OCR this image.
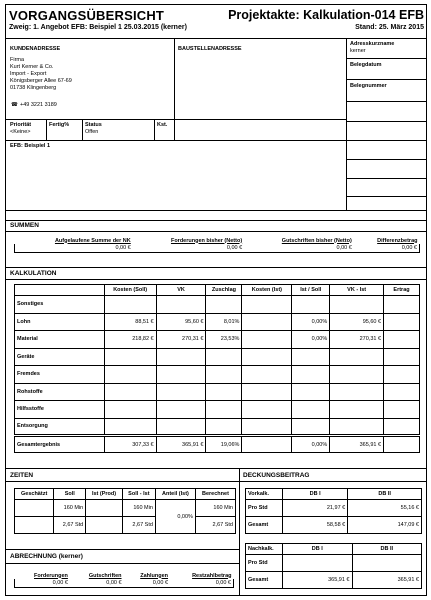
VORGANGSÜBERSICHT	Projektakte: Kalkulation-014 EFB
Zweig: 1. Angebot EFB: Beispiel 1 25.03.2015 (kerner)	Stand: 25. März 2015
KUNDENADRESSE
Firma
Kurt Kerner & Co.
Import - Export
Königsberger Allee 67-69
01738 Klingenberg
☎ +49 3221 3189
BAUSTELLENADRESSE
Adresskurzname
kerner
Belegdatum
Belegnummer
Priorität
<Keine>
Fertig%	Status
Offen
Kst.
EFB: Beispiel 1
SUMMEN
Aufgelaufene Summe der NK	Forderungen bisher (Netto)	Gutschriften bisher (Netto)	Differenzbetrag
0,00 €	0,00 €	0,00 €	0,00 €
KALKULATION
	Kosten (Soll)	VK	Zuschlag	Kosten (Ist)	Ist / Soll	VK - Ist	Ertrag
Sonstiges							
Lohn	88,51 €	95,60 €	8,01%		0,00%	95,60 €	
Material	218,82 €	270,31 €	23,53%		0,00%	270,31 €	
Geräte							
Fremdes							
Rohstoffe							
Hilfsstoffe							
Entsorgung							
Gesamtergebnis	307,33 €	365,91 €	19,06%		0,00%	365,91 €	
ZEITEN
Geschätzt	Soll	Ist (Prod)	Soll - Ist	Anteil (Ist)	Berechnet
	160 Min		160 Min	0,00%	160 Min
	2,67 Std		2,67 Std		2,67 Std
ABRECHNUNG (kerner)
Forderungen	Gutschriften	Zahlungen	Restzahlbetrag
0,00 €	0,00 €	0,00 €	0,00 €
DECKUNGSBEITRAG
Vorkalk.	DB I	DB II
Pro Std	21,97 €	55,16 €
Gesamt	58,58 €	147,09 €
Nachkalk.	DB I	DB II
Pro Std		
Gesamt	365,91 €	365,91 €
